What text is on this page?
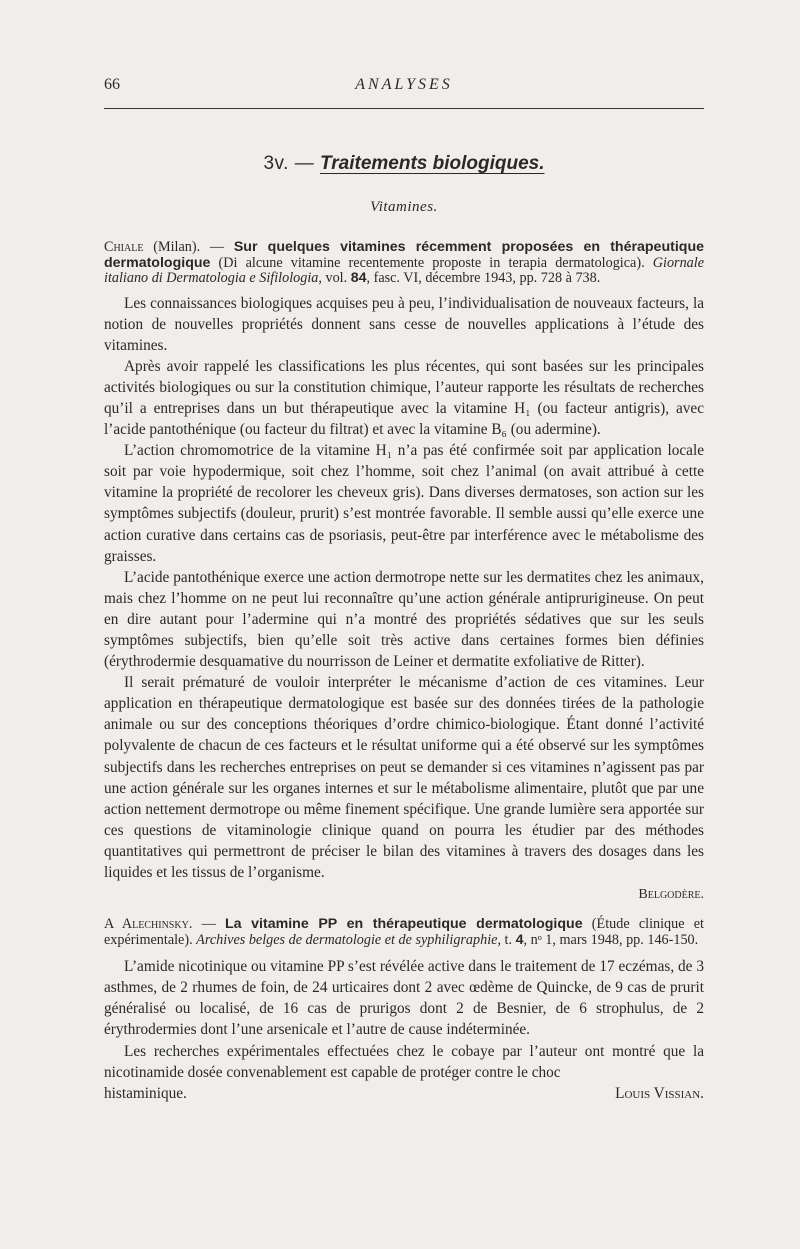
66	ANALYSES
3v. — Traitements biologiques.
Vitamines.
Chiale (Milan). — Sur quelques vitamines récemment proposées en thérapeutique dermatologique (Di alcune vitamine recentemente proposte in terapia dermatologica). Giornale italiano di Dermatologia e Sifilologia, vol. 84, fasc. VI, décembre 1943, pp. 728 à 738.

Les connaissances biologiques acquises peu à peu, l’individualisation de nouveaux facteurs, la notion de nouvelles propriétés donnent sans cesse de nouvelles applications à l’étude des vitamines.

Après avoir rappelé les classifications les plus récentes, qui sont basées sur les principales activités biologiques ou sur la constitution chimique, l’auteur rapporte les résultats de recherches qu’il a entreprises dans un but thérapeutique avec la vitamine H₁ (ou facteur antigris), avec l’acide pantothénique (ou facteur du filtrat) et avec la vitamine B₆ (ou adermine).

L’action chromomotrice de la vitamine H₁ n’a pas été confirmée soit par application locale soit par voie hypodermique, soit chez l’homme, soit chez l’animal (on avait attribué à cette vitamine la propriété de recolorer les cheveux gris). Dans diverses dermatoses, son action sur les symptômes subjectifs (douleur, prurit) s’est montrée favorable. Il semble aussi qu’elle exerce une action curative dans certains cas de psoriasis, peut-être par interférence avec le métabolisme des graisses.

L’acide pantothénique exerce une action dermotrope nette sur les dermatites chez les animaux, mais chez l’homme on ne peut lui reconnaître qu’une action générale antiprurigineuse. On peut en dire autant pour l’adermine qui n’a montré des propriétés sédatives que sur les seuls symptômes subjectifs, bien qu’elle soit très active dans certaines formes bien définies (érythrodermie desquamative du nourrisson de Leiner et dermatite exfoliative de Ritter).

Il serait prématuré de vouloir interpréter le mécanisme d’action de ces vitamines. Leur application en thérapeutique dermatologique est basée sur des données tirées de la pathologie animale ou sur des conceptions théoriques d’ordre chimico-biologique. Étant donné l’activité polyvalente de chacun de ces facteurs et le résultat uniforme qui a été observé sur les symptômes subjectifs dans les recherches entreprises on peut se demander si ces vitamines n’agissent pas par une action générale sur les organes internes et sur le métabolisme alimentaire, plutôt que par une action nettement dermotrope ou même finement spécifique. Une grande lumière sera apportée sur ces questions de vitaminologie clinique quand on pourra les étudier par des méthodes quantitatives qui permettront de préciser le bilan des vitamines à travers des dosages dans les liquides et les tissus de l’organisme.

Belgodère.
A Alechinsky. — La vitamine PP en thérapeutique dermatologique (Étude clinique et expérimentale). Archives belges de dermatologie et de syphiligraphie, t. 4, nᵒ 1, mars 1948, pp. 146-150.

L’amide nicotinique ou vitamine PP s’est révélée active dans le traitement de 17 eczémas, de 3 asthmes, de 2 rhumes de foin, de 24 urticaires dont 2 avec œdème de Quincke, de 9 cas de prurit généralisé ou localisé, de 16 cas de prurigos dont 2 de Besnier, de 6 strophulus, de 2 érythrodermies dont l’une arsenicale et l’autre de cause indéterminée.

Les recherches expérimentales effectuées chez le cobaye par l’auteur ont montré que la nicotinamide dosée convenablement est capable de protéger contre le choc

histaminique.	Louis Vissian.
